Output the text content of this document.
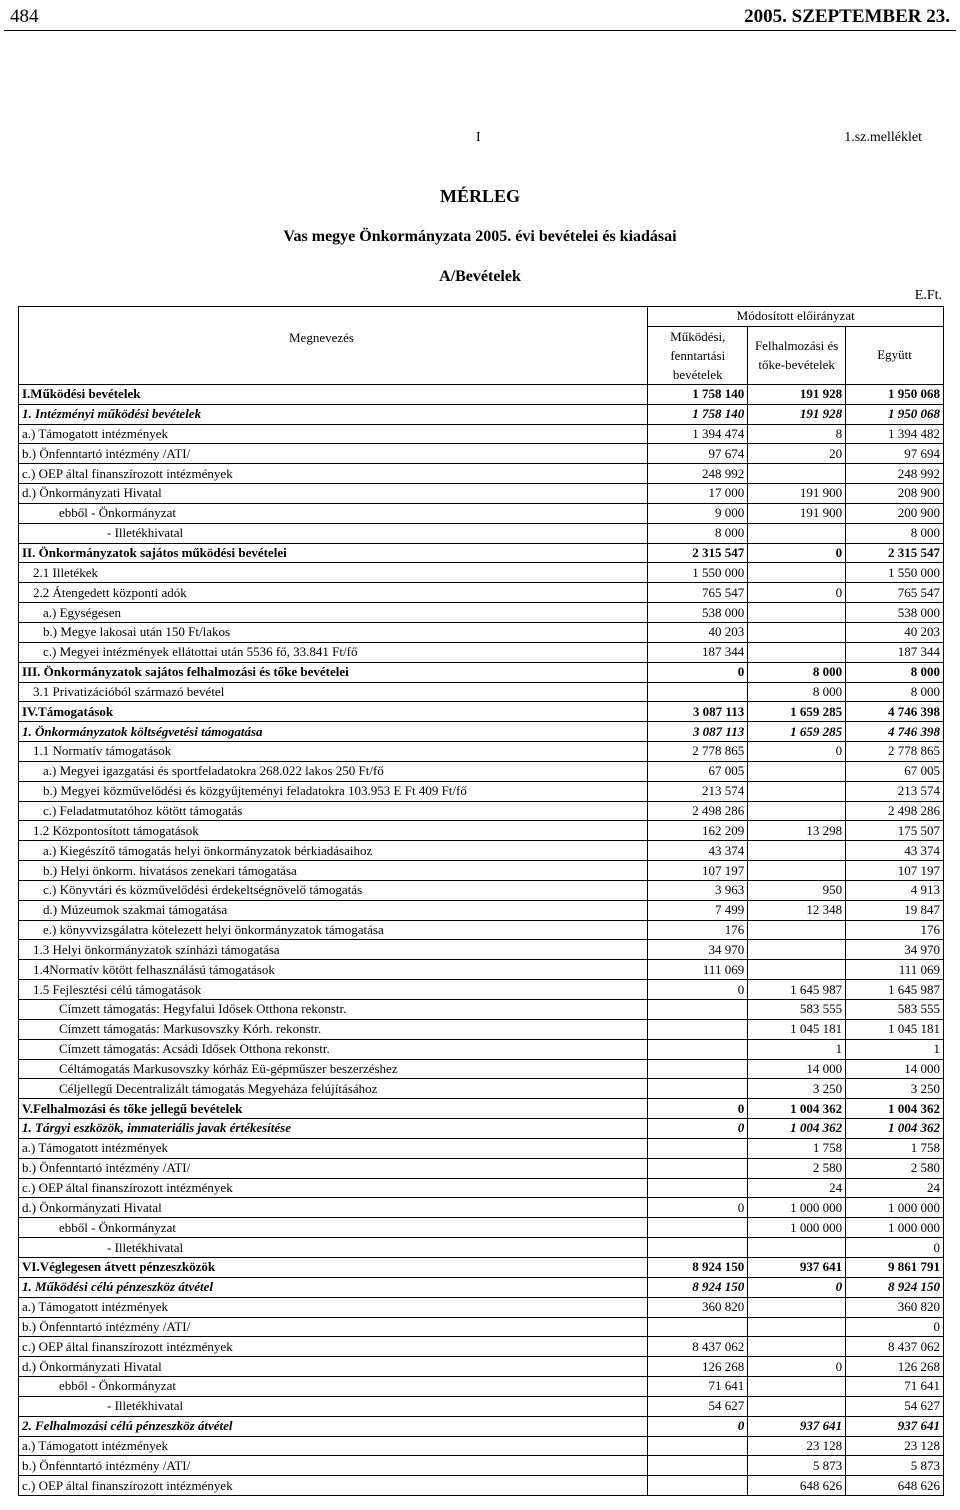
484	2005. SZEPTEMBER 23.
I	1.sz.melléklet
MÉRLEG
Vas megye Önkormányzata 2005. évi bevételei és kiadásai
A/Bevételek
E.Ft.
Megnevezés	Módosított előirányzat		
	Működési, fenntartási bevételek	Felhalmozási és tőke-bevételek	Együtt

I.Működési bevételek	1 758 140	191 928	1 950 068
1. Intézményi működési bevételek	1 758 140	191 928	1 950 068
a.) Támogatott intézmények	1 394 474	8	1 394 482
b.) Önfenntartó intézmény /ATI/	97 674	20	97 694
c.) OEP által finanszírozott intézmények	248 992		248 992
d.) Önkormányzati Hivatal	17 000	191 900	208 900
ebből - Önkormányzat	9 000	191 900	200 900
- Illetékhivatal	8 000		8 000
II. Önkormányzatok sajátos működési bevételei	2 315 547	0	2 315 547
2.1 Illetékek	1 550 000		1 550 000
2.2 Átengedett központi adók	765 547	0	765 547
a.) Egységesen	538 000		538 000
b.) Megye lakosai után 150 Ft/lakos	40 203		40 203
c.) Megyei intézmények ellátottai után 5536 fő, 33.841 Ft/fő	187 344		187 344
III. Önkormányzatok sajátos felhalmozási és tőke bevételei	0	8 000	8 000
3.1 Privatizációból származó bevétel		8 000	8 000
IV.Támogatások	3 087 113	1 659 285	4 746 398
1. Önkormányzatok költségvetési támogatása	3 087 113	1 659 285	4 746 398
1.1 Normatív támogatások	2 778 865	0	2 778 865
a.) Megyei igazgatási és sportfeladatokra 268.022 lakos 250 Ft/fő	67 005		67 005
b.) Megyei közművelődési és közgyűjteményi feladatokra 103.953 E Ft 409 Ft/fő	213 574		213 574
c.) Feladatmutatóhoz kötött támogatás	2 498 286		2 498 286
1.2 Központosított támogatások	162 209	13 298	175 507
a.) Kiegészítő támogatás helyi önkormányzatok bérkiadásaihoz	43 374		43 374
b.) Helyi önkorm. hivatásos zenekari támogatása	107 197		107 197
c.) Könyvtári és közművelődési érdekeltségnövelő támogatás	3 963	950	4 913
d.) Múzeumok szakmai támogatása	7 499	12 348	19 847
e.) könyvvizsgálatra kötelezett helyi önkormányzatok támogatása	176		176
1.3 Helyi önkormányzatok színházi támogatása	34 970		34 970
1.4Normatív kötött felhasználású támogatások	111 069		111 069
1.5 Fejlesztési célú támogatások	0	1 645 987	1 645 987
Címzett támogatás: Hegyfalui Idősek Otthona rekonstr.		583 555	583 555
Címzett támogatás: Markusovszky Kórh. rekonstr.		1 045 181	1 045 181
Címzett támogatás: Acsádi Idősek Otthona rekonstr.		1	1
Céltámogatás Markusovszky kórház Eü-gépműszer beszerzéshez		14 000	14 000
Céljellegű Decentralizált támogatás Megyeháza felújításához		3 250	3 250
V.Felhalmozási és tőke jellegű bevételek	0	1 004 362	1 004 362
1. Tárgyi eszközök, immateriális javak értékesítése	0	1 004 362	1 004 362
a.) Támogatott intézmények		1 758	1 758
b.) Önfenntartó intézmény /ATI/		2 580	2 580
c.) OEP által finanszírozott intézmények		24	24
d.) Önkormányzati Hivatal	0	1 000 000	1 000 000
ebből - Önkormányzat		1 000 000	1 000 000
- Illetékhivatal			0
VI.Véglegesen átvett pénzeszközök	8 924 150	937 641	9 861 791
1. Működési célú pénzeszköz átvétel	8 924 150	0	8 924 150
a.) Támogatott intézmények	360 820		360 820
b.) Önfenntartó intézmény /ATI/			0
c.) OEP által finanszírozott intézmények	8 437 062		8 437 062
d.) Önkormányzati Hivatal	126 268	0	126 268
ebből - Önkormányzat	71 641		71 641
- Illetékhivatal	54 627		54 627
2. Felhalmozási célú pénzeszköz átvétel	0	937 641	937 641
a.) Támogatott intézmények		23 128	23 128
b.) Önfenntartó intézmény /ATI/		5 873	5 873
c.) OEP által finanszírozott intézmények		648 626	648 626
